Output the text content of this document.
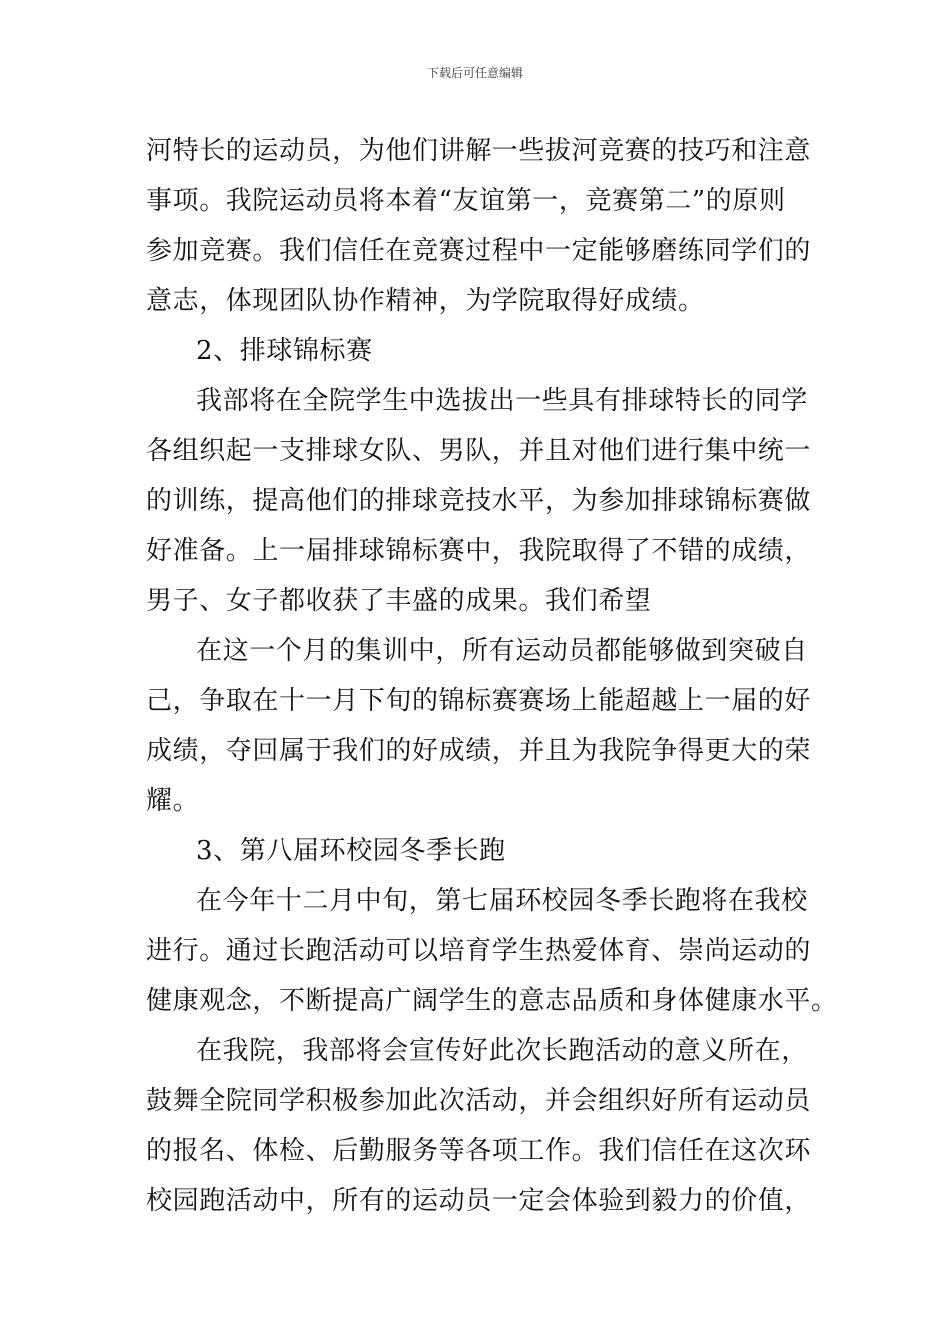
下载后可任意编辑
河特长的运动员，为他们讲解一些拔河竞赛的技巧和注意
事项。我院运动员将本着“友谊第一，竞赛第二”的原则
参加竞赛。我们信任在竞赛过程中一定能够磨练同学们的
意志，体现团队协作精神，为学院取得好成绩。
2、排球锦标赛
我部将在全院学生中选拔出一些具有排球特长的同学
各组织起一支排球女队、男队，并且对他们进行集中统一
的训练，提高他们的排球竞技水平，为参加排球锦标赛做
好准备。上一届排球锦标赛中，我院取得了不错的成绩，
男子、女子都收获了丰盛的成果。我们希望
在这一个月的集训中，所有运动员都能够做到突破自
己，争取在十一月下旬的锦标赛赛场上能超越上一届的好
成绩，夺回属于我们的好成绩，并且为我院争得更大的荣
耀。
3、第八届环校园冬季长跑
在今年十二月中旬，第七届环校园冬季长跑将在我校
进行。通过长跑活动可以培育学生热爱体育、崇尚运动的
健康观念，不断提高广阔学生的意志品质和身体健康水平。
在我院，我部将会宣传好此次长跑活动的意义所在，
鼓舞全院同学积极参加此次活动，并会组织好所有运动员
的报名、体检、后勤服务等各项工作。我们信任在这次环
校园跑活动中，所有的运动员一定会体验到毅力的价值，
